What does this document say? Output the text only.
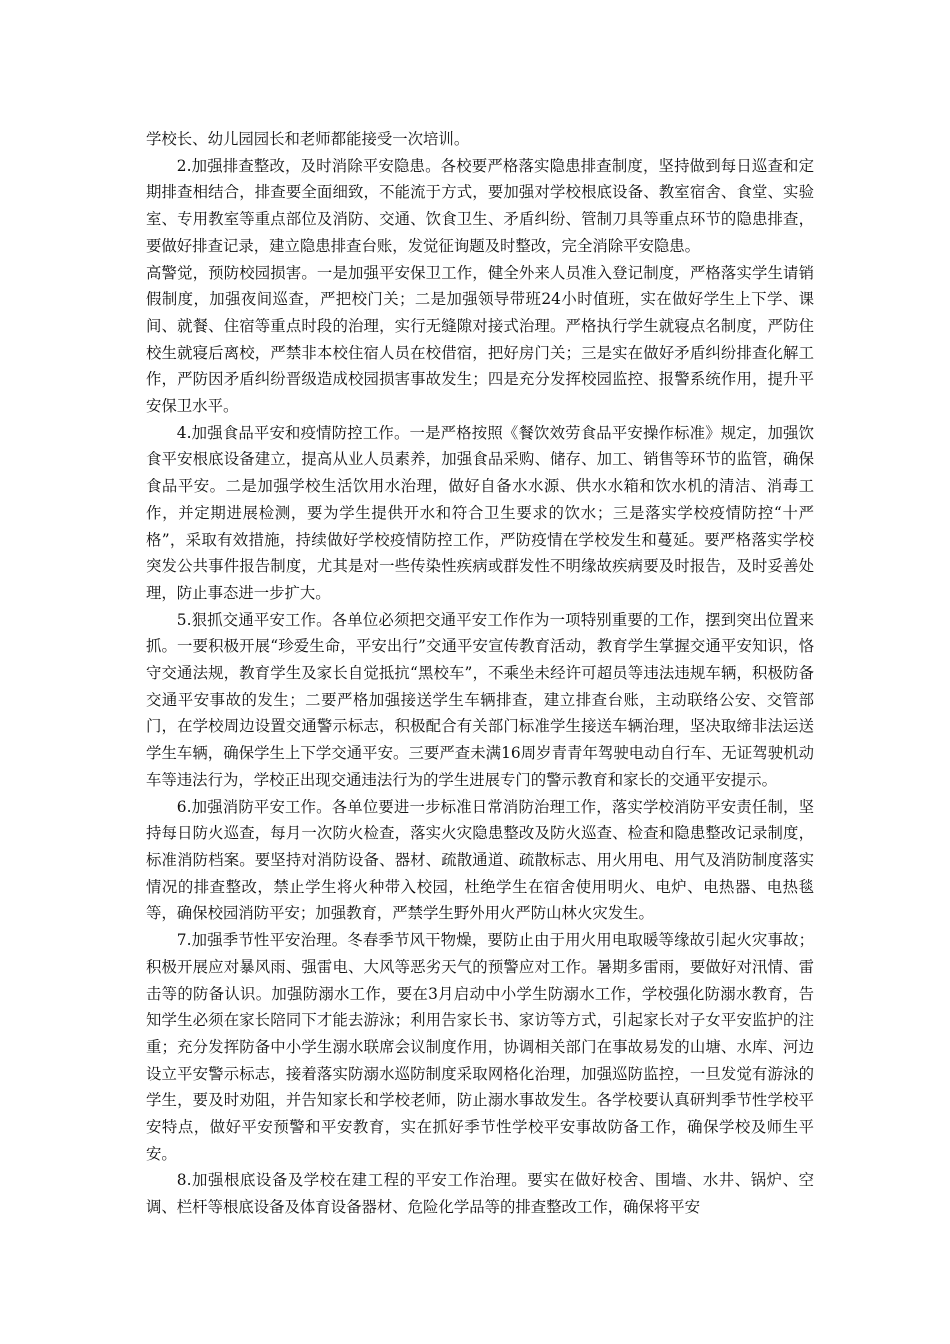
学校长、幼儿园园长和老师都能接受一次培训。

2.加强排查整改，及时消除平安隐患。各校要严格落实隐患排查制度，坚持做到每日巡查和定期排查相结合，排查要全面细致，不能流于方式，要加强对学校根底设备、教室宿舍、食堂、实验室、专用教室等重点部位及消防、交通、饮食卫生、矛盾纠纷、管制刀具等重点环节的隐患排查，要做好排查记录，建立隐患排查台账，发觉征询题及时整改，完全消除平安隐患。

高警觉，预防校园损害。一是加强平安保卫工作，健全外来人员准入登记制度，严格落实学生请销假制度，加强夜间巡查，严把校门关；二是加强领导带班24小时值班，实在做好学生上下学、课间、就餐、住宿等重点时段的治理，实行无缝隙对接式治理。严格执行学生就寝点名制度，严防住校生就寝后离校，严禁非本校住宿人员在校借宿，把好房门关；三是实在做好矛盾纠纷排查化解工作，严防因矛盾纠纷晋级造成校园损害事故发生；四是充分发挥校园监控、报警系统作用，提升平安保卫水平。

4.加强食品平安和疫情防控工作。一是严格按照《餐饮效劳食品平安操作标准》规定，加强饮食平安根底设备建立，提高从业人员素养，加强食品采购、储存、加工、销售等环节的监管，确保食品平安。二是加强学校生活饮用水治理，做好自备水水源、供水水箱和饮水机的清洁、消毒工作，并定期进展检测，要为学生提供开水和符合卫生要求的饮水；三是落实学校疫情防控“十严格”，采取有效措施，持续做好学校疫情防控工作，严防疫情在学校发生和蔓延。要严格落实学校突发公共事件报告制度，尤其是对一些传染性疾病或群发性不明缘故疾病要及时报告，及时妥善处理，防止事态进一步扩大。

5.狠抓交通平安工作。各单位必须把交通平安工作作为一项特别重要的工作，摆到突出位置来抓。一要积极开展“珍爱生命，平安出行”交通平安宣传教育活动，教育学生掌握交通平安知识，恪守交通法规，教育学生及家长自觉抵抗“黑校车”，不乘坐未经许可超员等违法违规车辆，积极防备交通平安事故的发生；二要严格加强接送学生车辆排查，建立排查台账，主动联络公安、交管部门，在学校周边设置交通警示标志，积极配合有关部门标准学生接送车辆治理，坚决取缔非法运送学生车辆，确保学生上下学交通平安。三要严查未满16周岁青青年驾驶电动自行车、无证驾驶机动车等违法行为，学校正出现交通违法行为的学生进展专门的警示教育和家长的交通平安提示。

6.加强消防平安工作。各单位要进一步标准日常消防治理工作，落实学校消防平安责任制，坚持每日防火巡查，每月一次防火检查，落实火灾隐患整改及防火巡查、检查和隐患整改记录制度，标准消防档案。要坚持对消防设备、器材、疏散通道、疏散标志、用火用电、用气及消防制度落实情况的排查整改，禁止学生将火种带入校园，杜绝学生在宿舍使用明火、电炉、电热器、电热毯等，确保校园消防平安；加强教育，严禁学生野外用火严防山林火灾发生。

7.加强季节性平安治理。冬春季节风干物燥，要防止由于用火用电取暖等缘故引起火灾事故；积极开展应对暴风雨、强雷电、大风等恶劣天气的预警应对工作。暑期多雷雨，要做好对汛情、雷击等的防备认识。加强防溺水工作，要在3月启动中小学生防溺水工作，学校强化防溺水教育，告知学生必须在家长陪同下才能去游泳；利用告家长书、家访等方式，引起家长对子女平安监护的注重；充分发挥防备中小学生溺水联席会议制度作用，协调相关部门在事故易发的山塘、水库、河边设立平安警示标志，接着落实防溺水巡防制度采取网格化治理，加强巡防监控，一旦发觉有游泳的学生，要及时劝阻，并告知家长和学校老师，防止溺水事故发生。各学校要认真研判季节性学校平安特点，做好平安预警和平安教育，实在抓好季节性学校平安事故防备工作，确保学校及师生平安。

8.加强根底设备及学校在建工程的平安工作治理。要实在做好校舍、围墙、水井、锅炉、空调、栏杆等根底设备及体育设备器材、危险化学品等的排查整改工作，确保将平安
